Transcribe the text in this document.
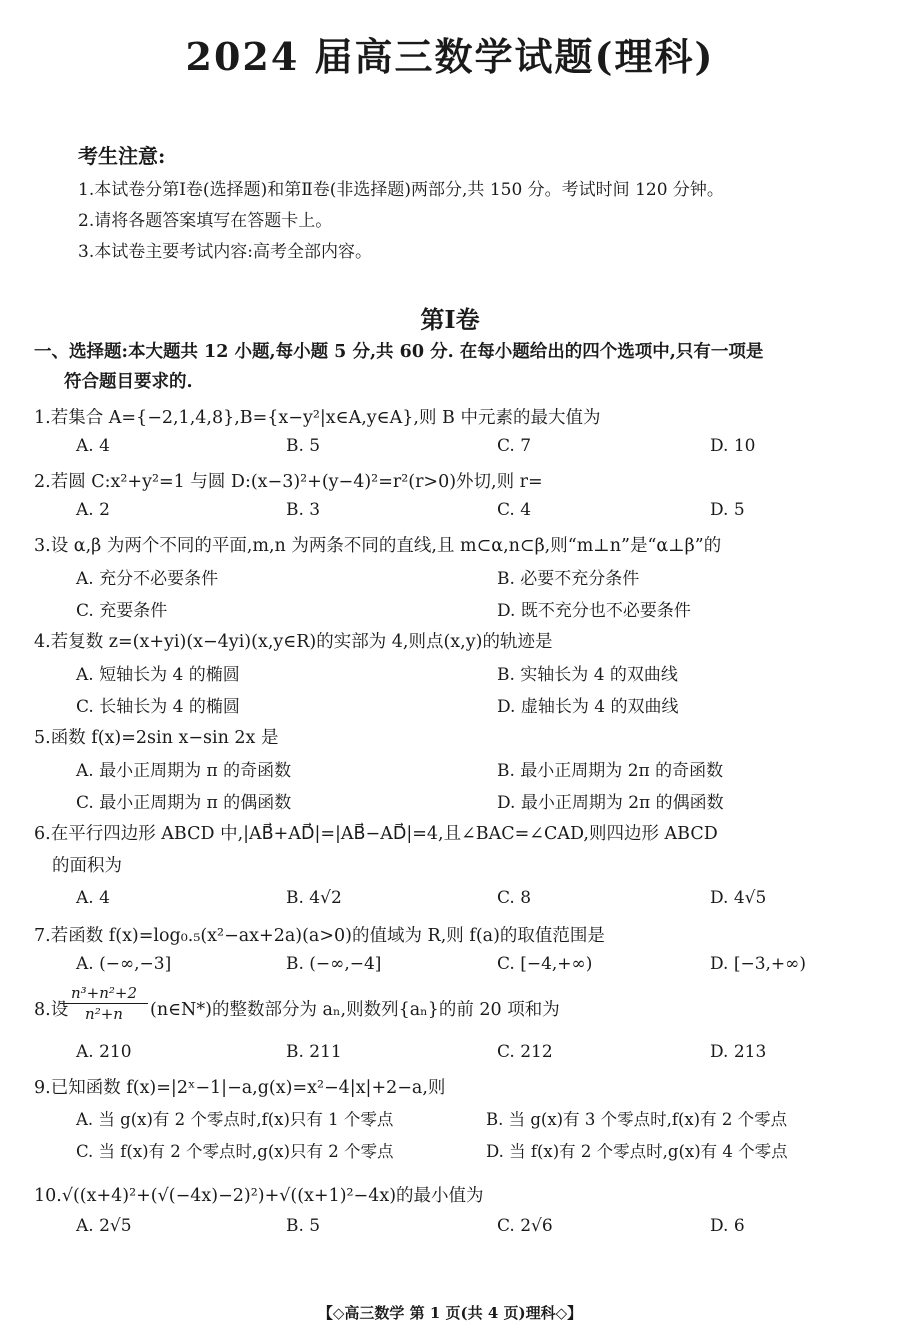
2024 届高三数学试题(理科)
考生注意:
1.本试卷分第Ⅰ卷(选择题)和第Ⅱ卷(非选择题)两部分,共 150 分。考试时间 120 分钟。
2.请将各题答案填写在答题卡上。
3.本试卷主要考试内容:高考全部内容。
第Ⅰ卷
一、选择题:本大题共 12 小题,每小题 5 分,共 60 分. 在每小题给出的四个选项中,只有一项是
符合题目要求的.
1.若集合 A={−2,1,4,8},B={x−y²|x∈A,y∈A},则 B 中元素的最大值为
A. 4	B. 5	C. 7	D. 10
2.若圆 C:x²+y²=1 与圆 D:(x−3)²+(y−4)²=r²(r>0)外切,则 r=
A. 2	B. 3	C. 4	D. 5
3.设 α,β 为两个不同的平面,m,n 为两条不同的直线,且 m⊂α,n⊂β,则“m⊥n”是“α⊥β”的
A. 充分不必要条件	B. 必要不充分条件
C. 充要条件	D. 既不充分也不必要条件
4.若复数 z=(x+yi)(x−4yi)(x,y∈R)的实部为 4,则点(x,y)的轨迹是
A. 短轴长为 4 的椭圆	B. 实轴长为 4 的双曲线
C. 长轴长为 4 的椭圆	D. 虚轴长为 4 的双曲线
5.函数 f(x)=2sin x−sin 2x 是
A. 最小正周期为 π 的奇函数	B. 最小正周期为 2π 的奇函数
C. 最小正周期为 π 的偶函数	D. 最小正周期为 2π 的偶函数
6.在平行四边形 ABCD 中,|AB⃗+AD⃗|=|AB⃗−AD⃗|=4,且∠BAC=∠CAD,则四边形 ABCD
的面积为
A. 4	B. 4√2	C. 8	D. 4√5
7.若函数 f(x)=log₀.₅(x²−ax+2a)(a>0)的值域为 R,则 f(a)的取值范围是
A. (−∞,−3]	B. (−∞,−4]	C. [−4,+∞)	D. [−3,+∞)
8.设
$\frac{\text{n³+n²+2}}{\text{n²+n}}$ (n∈N*)的整数部分为 aₙ,则数列{aₙ}的前 20 项和为
A. 210	B. 211	C. 212	D. 213
9.已知函数 f(x)=|2ˣ−1|−a,g(x)=x²−4|x|+2−a,则
A. 当 g(x)有 2 个零点时,f(x)只有 1 个零点	B. 当 g(x)有 3 个零点时,f(x)有 2 个零点
C. 当 f(x)有 2 个零点时,g(x)只有 2 个零点	D. 当 f(x)有 2 个零点时,g(x)有 4 个零点
10.√((x+4)²+(√(−4x)−2)²)+√((x+1)²−4x)的最小值为
A. 2√5	B. 5	C. 2√6	D. 6
【◇高三数学 第 1 页(共 4 页)理科◇】
